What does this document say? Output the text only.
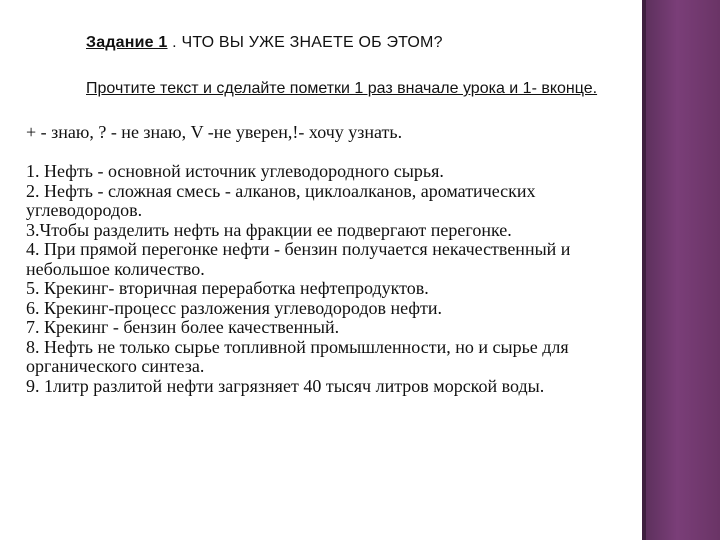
Задание 1 . ЧТО ВЫ УЖЕ ЗНАЕТЕ ОБ ЭТОМ?
Прочтите текст и сделайте пометки 1 раз вначале урока и 1- вконце.
+ - знаю, ? - не знаю, V -не уверен,!- хочу узнать.

1. Нефть - основной источник углеводородного сырья.

2. Нефть - сложная смесь - алканов, циклоалканов, ароматических углеводородов.

3.Чтобы разделить нефть на фракции ее подвергают перегонке.

4. При прямой перегонке нефти - бензин получается некачественный и небольшое количество.

5. Крекинг- вторичная переработка нефтепродуктов.

6. Крекинг-процесс разложения углеводородов нефти.

7. Крекинг - бензин более качественный.

8. Нефть не только сырье топливной промышленности, но и сырье для органического синтеза.

9. 1литр разлитой нефти загрязняет 40 тысяч литров морской воды.
